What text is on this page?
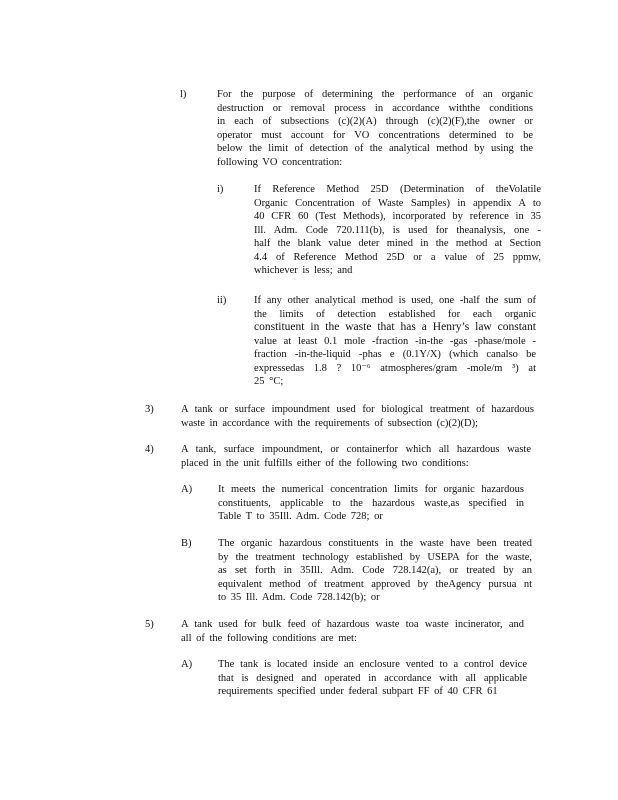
l)	For the purpose of determining the performance of an organic
destruction or removal process in accordance withthe conditions
in each of subsections (c)(2)(A) through (c)(2)(F),the owner or
operator must account for VO concentrations determined to be
below the limit of detection of the analytical method by using the
following VO concentration:
i)	If Reference Method 25D (Determination of theVolatile
Organic Concentration of Waste Samples) in appendix A to
40 CFR 60 (Test Methods), incorporated by reference in 35
Ill. Adm. Code 720.111(b), is used for theanalysis, one -
half the blank value deter mined in the method at Section
4.4 of Reference Method 25D or a value of 25 ppmw,
whichever is less; and
ii)	If any other analytical method is used, one -half the sum of
the limits of detection established for each organic
constituent in the waste that has a Henry’s law constant
value at least 0.1 mole -fraction -in-the -gas -phase/mole -
fraction -in-the-liquid -phas e (0.1Y/X) (which canalso be
expressedas 1.8 ? 10⁻⁶ atmospheres/gram -mole/m ³) at
25 °C;
3)	A tank or surface impoundment used for biological treatment of hazardous
waste in accordance with the requirements of subsection (c)(2)(D);
4)	A tank, surface impoundment, or containerfor which all hazardous waste
placed in the unit fulfills either of the following two conditions:
A) It meets the numerical concentration limits for organic hazardous
constituents, applicable to the hazardous waste,as specified in
Table T to 35Ill. Adm. Code 728; or
B)	The organic hazardous constituents in the waste have been treated
by the treatment technology established by USEPA for the waste,
as set forth in 35Ill. Adm. Code 728.142(a), or treated by an
equivalent method of treatment approved by theAgency pursua nt
to 35 Ill. Adm. Code 728.142(b); or
5)	A tank used for bulk feed of hazardous waste toa waste incinerator, and
all of the following conditions are met:
A) The tank is located inside an enclosure vented to a control device
that is designed and operated in accordance with all applicable
requirements specified under federal subpart FF of 40 CFR 61
